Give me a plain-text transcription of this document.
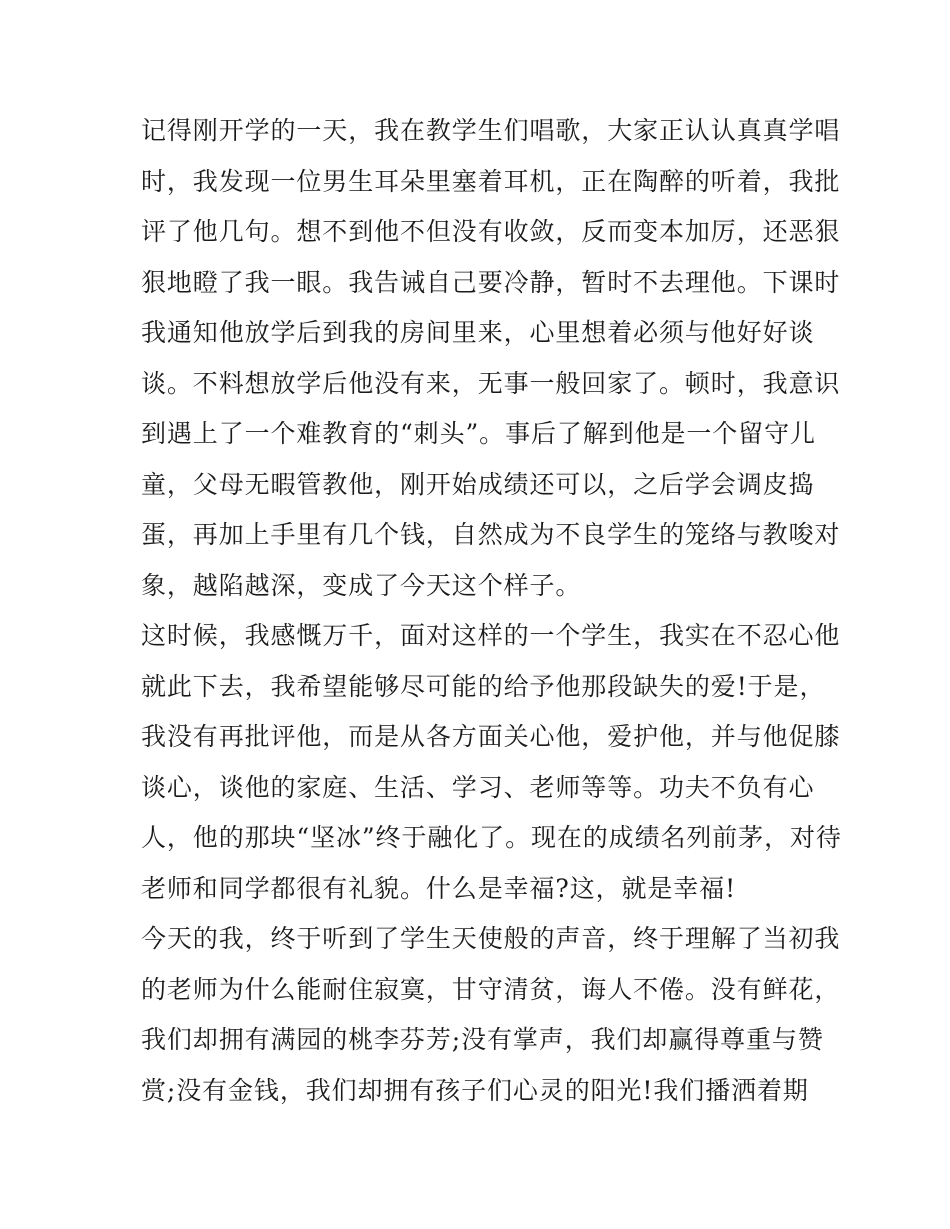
记得刚开学的一天，我在教学生们唱歌，大家正认认真真学唱
时，我发现一位男生耳朵里塞着耳机，正在陶醉的听着，我批
评了他几句。想不到他不但没有收敛，反而变本加厉，还恶狠
狠地瞪了我一眼。我告诫自己要冷静，暂时不去理他。下课时
我通知他放学后到我的房间里来，心里想着必须与他好好谈
谈。不料想放学后他没有来，无事一般回家了。顿时，我意识
到遇上了一个难教育的“刺头”。事后了解到他是一个留守儿
童，父母无暇管教他，刚开始成绩还可以，之后学会调皮捣
蛋，再加上手里有几个钱，自然成为不良学生的笼络与教唆对
象，越陷越深，变成了今天这个样子。
这时候，我感慨万千，面对这样的一个学生，我实在不忍心他
就此下去，我希望能够尽可能的给予他那段缺失的爱!于是，
我没有再批评他，而是从各方面关心他，爱护他，并与他促膝
谈心，谈他的家庭、生活、学习、老师等等。功夫不负有心
人，他的那块“坚冰”终于融化了。现在的成绩名列前茅，对待
老师和同学都很有礼貌。什么是幸福?这，就是幸福!
今天的我，终于听到了学生天使般的声音，终于理解了当初我
的老师为什么能耐住寂寞，甘守清贫，诲人不倦。没有鲜花，
我们却拥有满园的桃李芬芳;没有掌声，我们却赢得尊重与赞
赏;没有金钱，我们却拥有孩子们心灵的阳光!我们播洒着期
